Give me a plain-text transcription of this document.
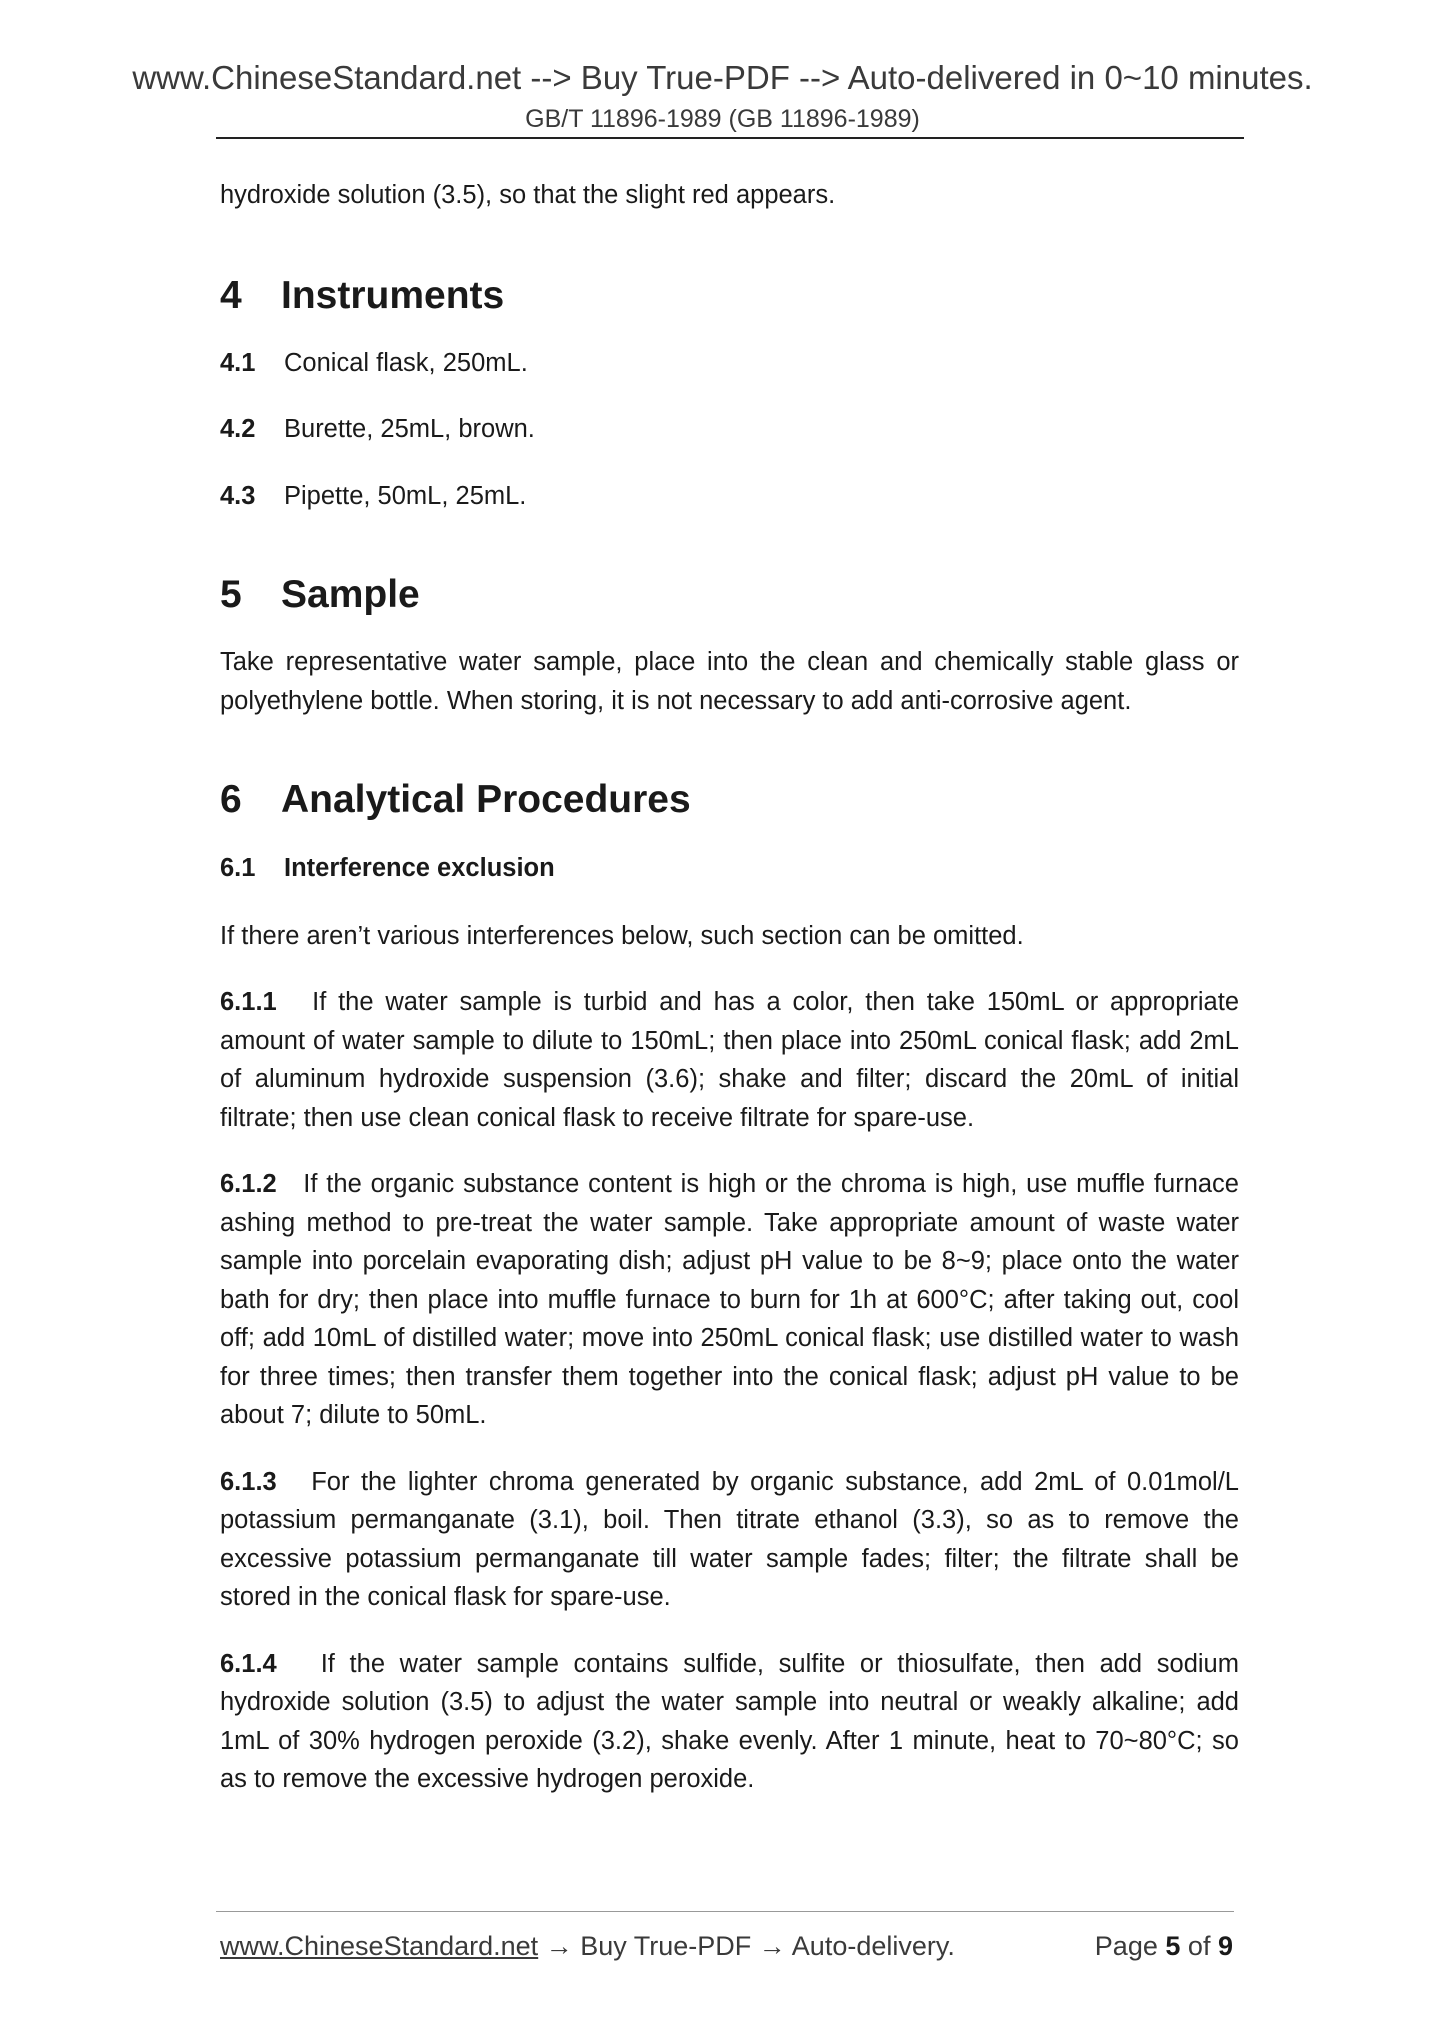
www.ChineseStandard.net --> Buy True-PDF --> Auto-delivered in 0~10 minutes.
GB/T 11896-1989 (GB 11896-1989)

hydroxide solution (3.5), so that the slight red appears.

4 Instruments

4.1 Conical flask, 250mL.

4.2 Burette, 25mL, brown.

4.3 Pipette, 50mL, 25mL.

5 Sample

Take representative water sample, place into the clean and chemically stable glass or polyethylene bottle. When storing, it is not necessary to add anti-corrosive agent.

6 Analytical Procedures
6.1 Interference exclusion

If there aren’t various interferences below, such section can be omitted.

6.1.1 If the water sample is turbid and has a color, then take 150mL or appropriate amount of water sample to dilute to 150mL; then place into 250mL conical flask; add 2mL of aluminum hydroxide suspension (3.6); shake and filter; discard the 20mL of initial filtrate; then use clean conical flask to receive filtrate for spare-use.

6.1.2 If the organic substance content is high or the chroma is high, use muffle furnace ashing method to pre-treat the water sample. Take appropriate amount of waste water sample into porcelain evaporating dish; adjust pH value to be 8~9; place onto the water bath for dry; then place into muffle furnace to burn for 1h at 600°C; after taking out, cool off; add 10mL of distilled water; move into 250mL conical flask; use distilled water to wash for three times; then transfer them together into the conical flask; adjust pH value to be about 7; dilute to 50mL.

6.1.3 For the lighter chroma generated by organic substance, add 2mL of 0.01mol/L potassium permanganate (3.1), boil. Then titrate ethanol (3.3), so as to remove the excessive potassium permanganate till water sample fades; filter; the filtrate shall be stored in the conical flask for spare-use.

6.1.4 If the water sample contains sulfide, sulfite or thiosulfate, then add sodium hydroxide solution (3.5) to adjust the water sample into neutral or weakly alkaline; add 1mL of 30% hydrogen peroxide (3.2), shake evenly. After 1 minute, heat to 70~80°C; so as to remove the excessive hydrogen peroxide.

www.ChineseStandard.net → Buy True-PDF → Auto-delivery.	Page 5 of 9
